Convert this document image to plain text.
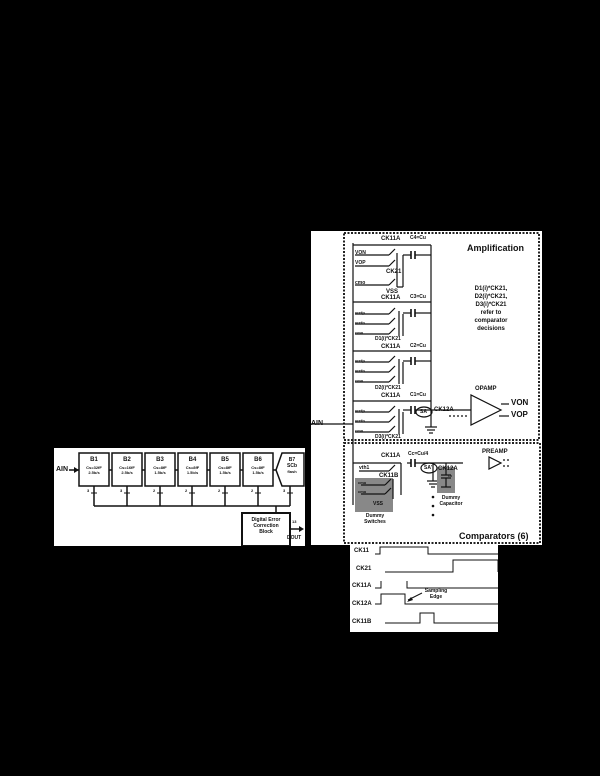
AIN
B1
Cs=32fF
2.5b/s
B2
Cs=16fF
2.5b/s
B3
Cs=8fF
1.5b/s
B4
Cs=8fF
1.5b/s
B5
Cs=8fF
1.5b/s
B6
Cs=8fF
1.5b/s
B7
SCb
flash
3	3	2	2	2	2	3
Digital Error
Correction
Block
13
DOUT
Amplification
D1(i)*CK21,
D2(i)*CK21,
D3(i)*CK21
refer to
comparator
decisions
CK11A C4=Cu
VON
VOP
cmo
CK21
VSS
CK11A C3=Cu
vrefp
vrefn
cmo
D1(i)*CK21
CK11A C2=Cu
vrefp
vrefn
cmo
D2(i)*CK21
CK11A C1=Cu
vrefp
vrefn
cmo
D3(i)*CK21
SA CK12A
OPAMP
VON
VOP
AIN
CK11A Cc=Cu/4
vth1
CK11B
cmo
cmo
VSS
Dummy
Switches
SA' CK12A
PREAMP
Cd
Dummy
Capacitor
Comparators (6)
CK11
CK21
CK11A
CK12A
CK11B
Sampling
Edge
